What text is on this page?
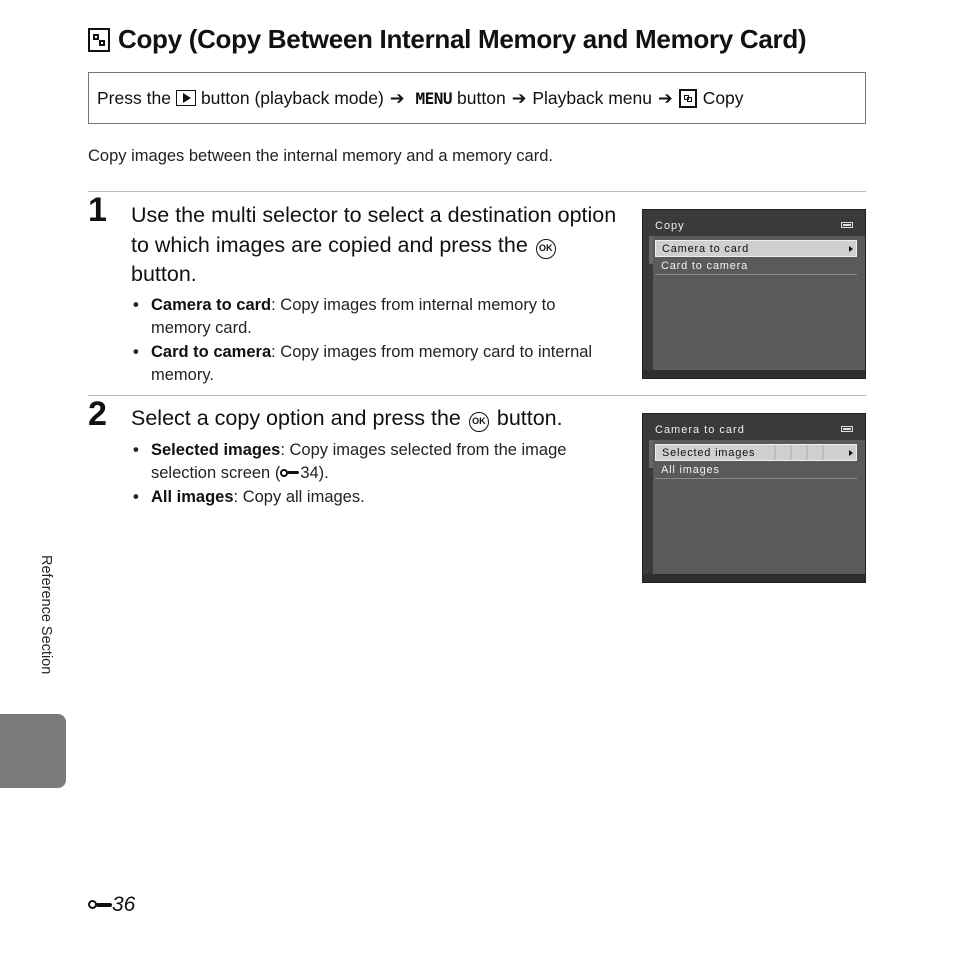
Copy (Copy Between Internal Memory and Memory Card)
Press the button (playback mode) ➔ MENU button ➔ Playback menu ➔ Copy
Copy images between the internal memory and a memory card.
1 Use the multi selector to select a destination option to which images are copied and press the OK button.
• Camera to card: Copy images from internal memory to memory card.
• Card to camera: Copy images from memory card to internal memory.
Copy
Camera to card
Card to camera
2 Select a copy option and press the OK button.
• Selected images: Copy images selected from the image selection screen ( 34).
• All images: Copy all images.
Camera to card
Selected images
All images
Reference Section
36
